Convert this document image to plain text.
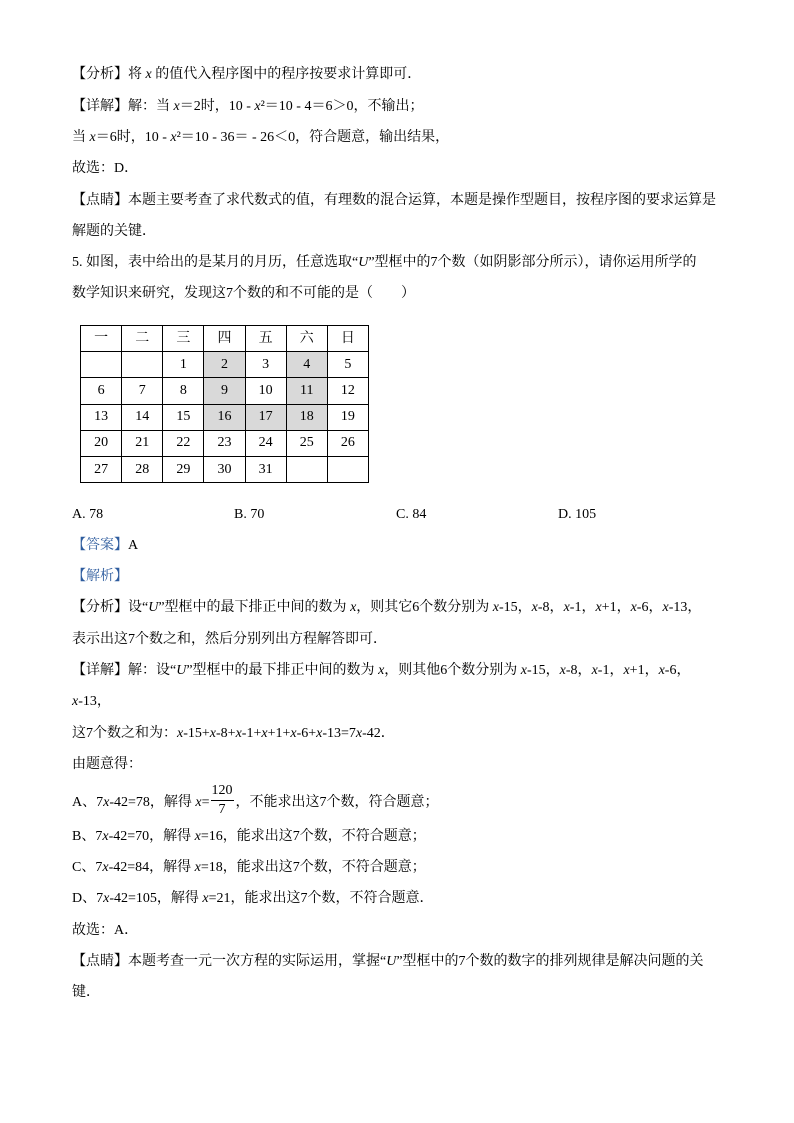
【分析】将 x 的值代入程序图中的程序按要求计算即可．
【详解】解：当 x＝2时，10 - x²＝10 - 4＝6＞0，不输出；
当 x＝6时，10 - x²＝10 - 36＝ - 26＜0，符合题意，输出结果，
故选：D．
【点睛】本题主要考查了求代数式的值，有理数的混合运算，本题是操作型题目，按程序图的要求运算是
解题的关键．
5. 如图，表中给出的是某月的月历，任意选取“U”型框中的7个数（如阴影部分所示），请你运用所学的
数学知识来研究，发现这7个数的和不可能的是（　　）
一	二	三	四	五	六	日
		1	2	3	4	5
6	7	8	9	10	11	12
13	14	15	16	17	18	19
20	21	22	23	24	25	26
27	28	29	30	31		
A. 78	B. 70	C. 84	D. 105
【答案】A
【解析】
【分析】设“U”型框中的最下排正中间的数为 x，则其它6个数分别为 x-15，x-8，x-1，x+1，x-6，x-13，
表示出这7个数之和，然后分别列出方程解答即可．
【详解】解：设“U”型框中的最下排正中间的数为 x，则其他6个数分别为 x-15，x-8，x-1，x+1，x-6，
x-13，
这7个数之和为：x-15+x-8+x-1+x+1+x-6+x-13=7x-42．
由题意得：
A、7x-42=78，解得 $x= \frac{120}{7}$ ，不能求出这7个数，符合题意；
B、7x-42=70，解得 x=16，能求出这7个数，不符合题意；
C、7x-42=84，解得 x=18，能求出这7个数，不符合题意；
D、7x-42=105，解得 x=21，能求出这7个数，不符合题意．
故选：A．
【点睛】本题考查一元一次方程的实际运用，掌握“U”型框中的7个数的数字的排列规律是解决问题的关
键．
